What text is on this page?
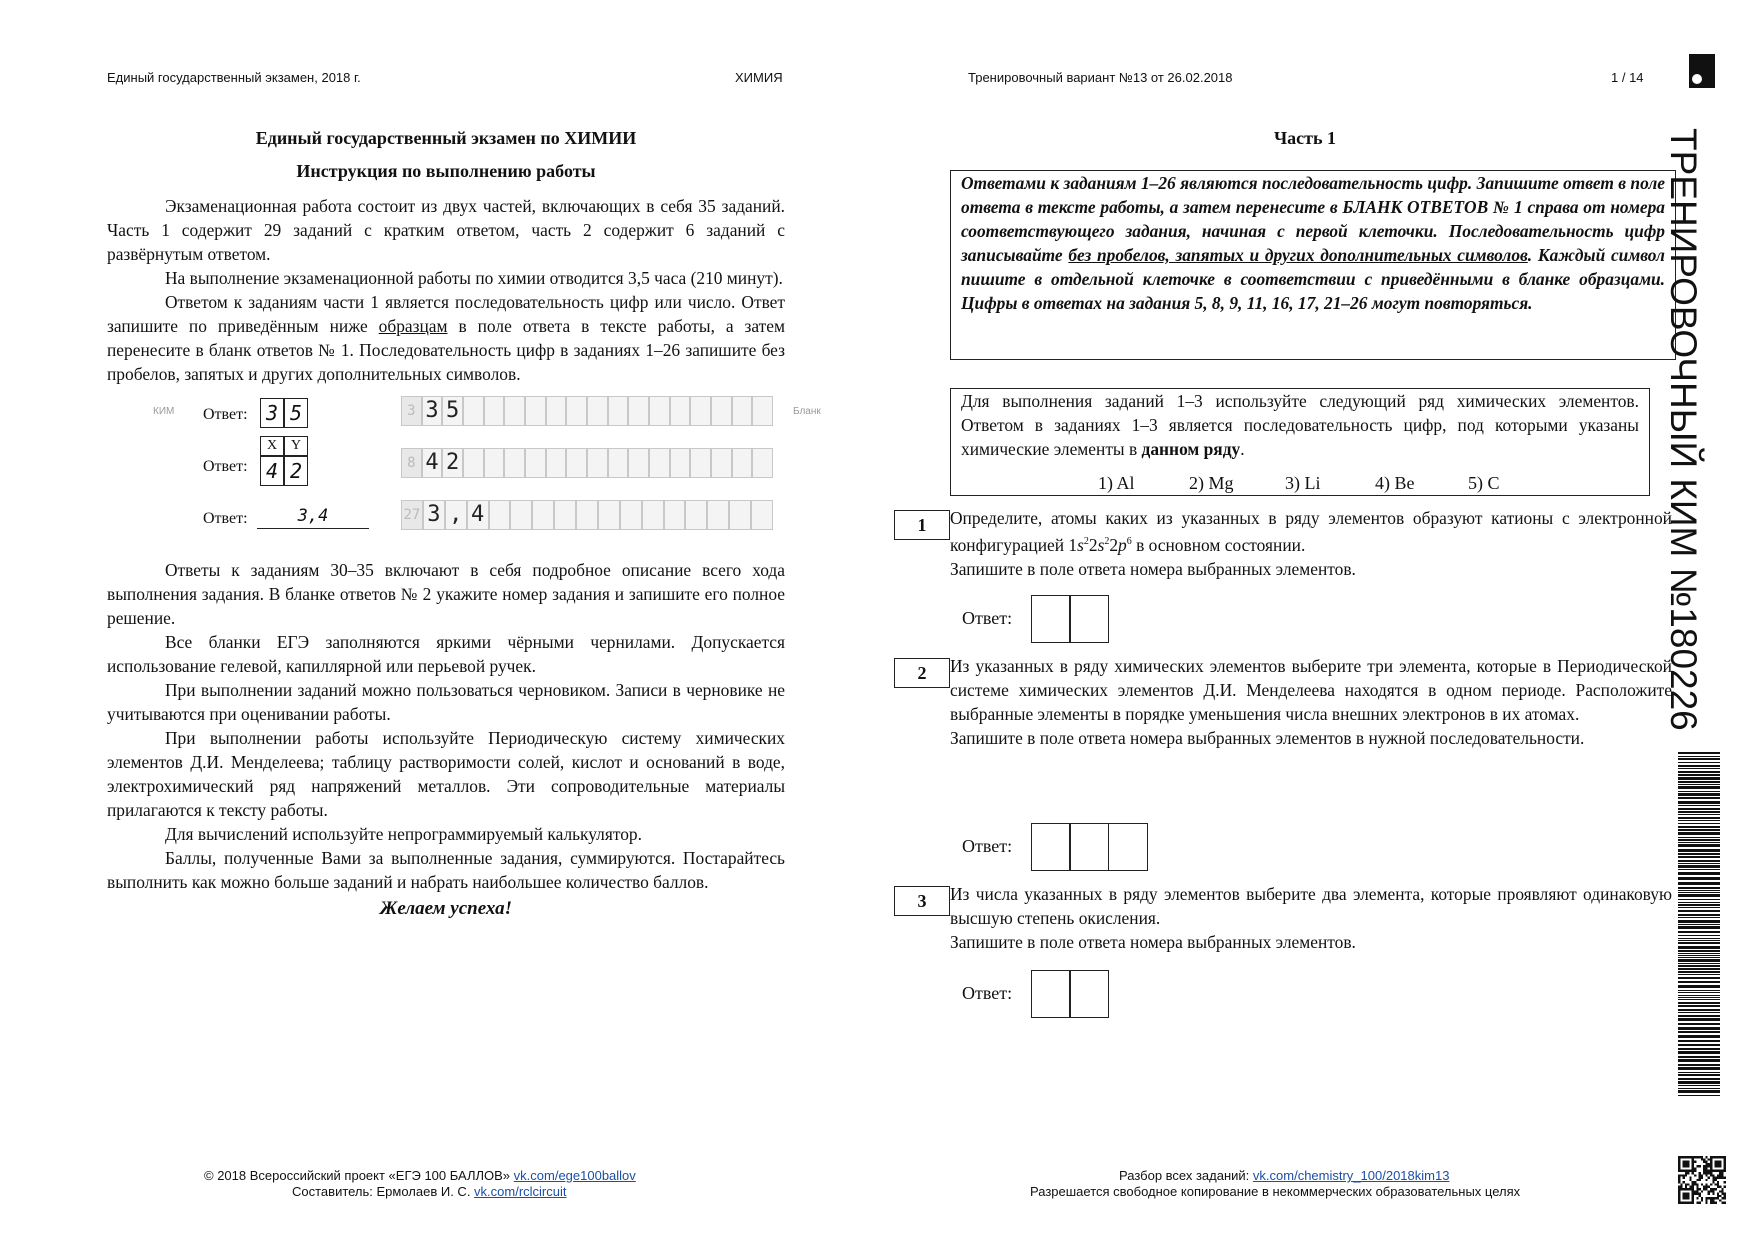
Единый государственный экзамен, 2018 г.	ХИМИЯ	Тренировочный вариант №13 от 26.02.2018	1 / 14
Единый государственный экзамен по ХИМИИ
Инструкция по выполнению работы

Экзаменационная работа состоит из двух частей, включающих в себя 35 заданий. Часть 1 содержит 29 заданий с кратким ответом, часть 2 содержит 6 заданий с развёрнутым ответом.

На выполнение экзаменационной работы по химии отводится 3,5 часа (210 минут).

Ответом к заданиям части 1 является последовательность цифр или число. Ответ запишите по приведённым ниже образцам в поле ответа в тексте работы, а затем перенесите в бланк ответов № 1. Последовательность цифр в заданиях 1–26 запишите без пробелов, запятых и других дополнительных символов.

КИМ	Бланк
Ответ: 3 5	3 3 5
Ответ:
X Y
4 2	8 4 2
Ответ:	3,4	27 3 , 4

Ответы к заданиям 30–35 включают в себя подробное описание всего хода выполнения задания. В бланке ответов № 2 укажите номер задания и запишите его полное решение.

Все бланки ЕГЭ заполняются яркими чёрными чернилами. Допускается использование гелевой, капиллярной или перьевой ручек.

При выполнении заданий можно пользоваться черновиком. Записи в черновике не учитываются при оценивании работы.

При выполнении работы используйте Периодическую систему химических элементов Д.И. Менделеева; таблицу растворимости солей, кислот и оснований в воде, электрохимический ряд напряжений металлов. Эти сопроводительные материалы прилагаются к тексту работы.

Для вычислений используйте непрограммируемый калькулятор.

Баллы, полученные Вами за выполненные задания, суммируются. Постарайтесь выполнить как можно больше заданий и набрать наибольшее количество баллов.

Желаем успеха!
Часть 1

Ответами к заданиям 1–26 являются последовательность цифр. Запишите ответ в поле ответа в тексте работы, а затем перенесите в БЛАНК ОТВЕТОВ № 1 справа от номера соответствующего задания, начиная с первой клеточки. Последовательность цифр записывайте без пробелов, запятых и других дополнительных символов. Каждый символ пишите в отдельной клеточке в соответствии с приведёнными в бланке образцами. Цифры в ответах на задания 5, 8, 9, 11, 16, 17, 21–26 могут повторяться.

Для выполнения заданий 1–3 используйте следующий ряд химических элементов. Ответом в заданиях 1–3 является последовательность цифр, под которыми указаны химические элементы в данном ряду.

1) Al	2) Mg	3) Li	4) Be	5) C
1	Определите, атомы каких из указанных в ряду элементов образуют катионы с электронной конфигурацией $1s^22s^22p^6$ в основном состоянии.

Запишите в поле ответа номера выбранных элементов.

Ответ:
2	Из указанных в ряду химических элементов выберите три элемента, которые в Периодической системе химических элементов Д.И. Менделеева находятся в одном периоде. Расположите выбранные элементы в порядке уменьшения числа внешних электронов в их атомах.

Запишите в поле ответа номера выбранных элементов в нужной последовательности.

Ответ:
3	Из числа указанных в ряду элементов выберите два элемента, которые проявляют одинаковую высшую степень окисления.

Запишите в поле ответа номера выбранных элементов.

Ответ:
ТРЕНИРОВОЧНЫЙ КИМ №180226
© 2018 Всероссийский проект «ЕГЭ 100 БАЛЛОВ» vk.com/ege100ballov
Составитель: Ермолаев И. С. vk.com/rclcircuit
Разбор всех заданий: vk.com/chemistry_100/2018kim13
Разрешается свободное копирование в некоммерческих образовательных целях
